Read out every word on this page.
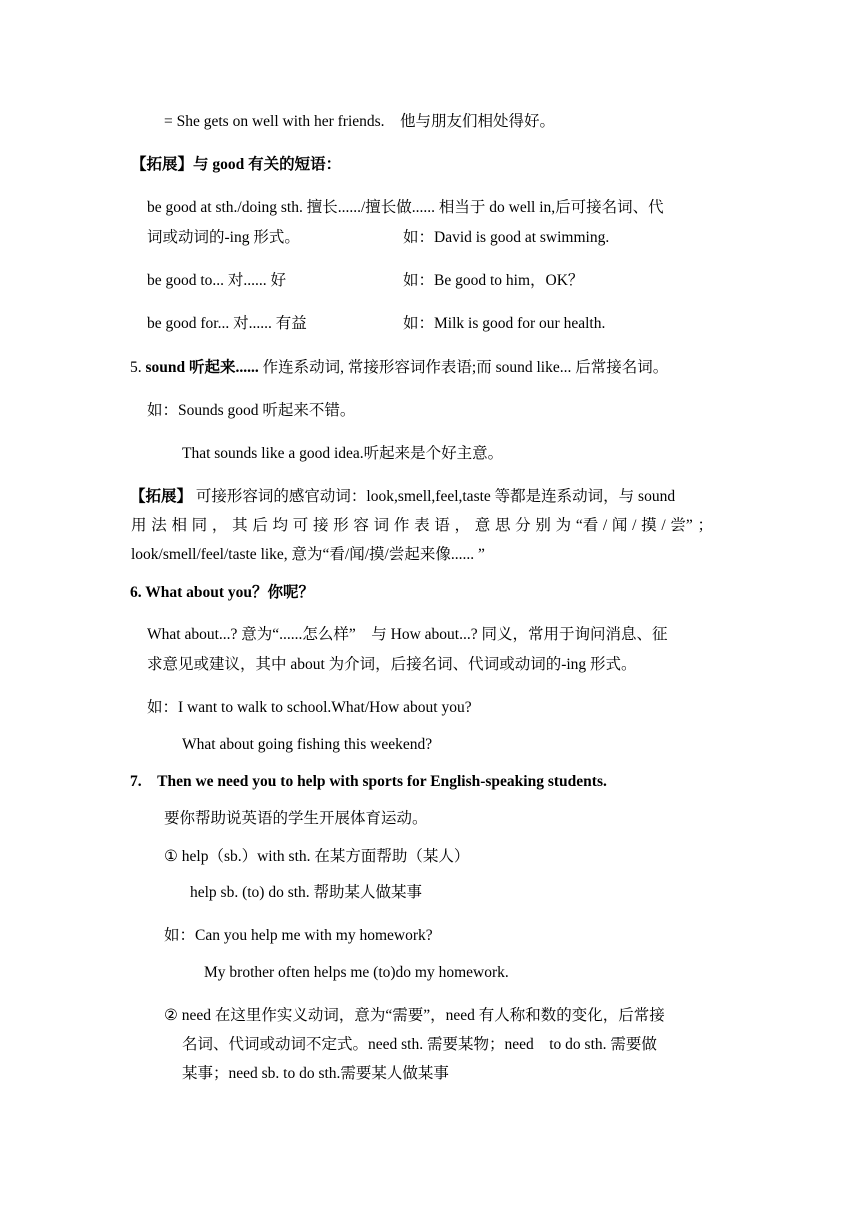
= She gets on well with her friends.    他与朋友们相处得好。
【拓展】与 good 有关的短语：
be good at sth./doing sth. 擅长....../擅长做...... 相当于 do well in,后可接名词、代
词或动词的-ing 形式。	如：David is good at swimming.
be good to... 对...... 好	如：Be good to him，OK？
be good for... 对...... 有益	如：Milk is good for our health.
5. sound 听起来...... 作连系动词, 常接形容词作表语;而 sound like... 后常接名词。
如：Sounds good 听起来不错。
That sounds like a good idea.听起来是个好主意。
【拓展】 可接形容词的感官动词：look,smell,feel,taste 等都是连系动词，与 sound
用 法 相 同 ， 其 后 均 可 接 形 容 词 作 表 语 ， 意 思 分 别 为 “看 / 闻 / 摸 / 尝” ；
look/smell/feel/taste like, 意为“看/闻/摸/尝起来像...... ”
6. What about you？你呢？
What about...? 意为“......怎么样”    与 How about...? 同义，常用于询问消息、征
求意见或建议，其中 about 为介词，后接名词、代词或动词的-ing 形式。
如：I want to walk to school.What/How about you?
What about going fishing this weekend?
7.    Then we need you to help with sports for English-speaking students.
要你帮助说英语的学生开展体育运动。
① help（sb.）with sth. 在某方面帮助（某人）
help sb. (to) do sth. 帮助某人做某事
如：Can you help me with my homework?
My brother often helps me (to)do my homework.
② need 在这里作实义动词，意为“需要”，need 有人称和数的变化，后常接
名词、代词或动词不定式。need sth. 需要某物；need    to do sth. 需要做
某事；need sb. to do sth.需要某人做某事
